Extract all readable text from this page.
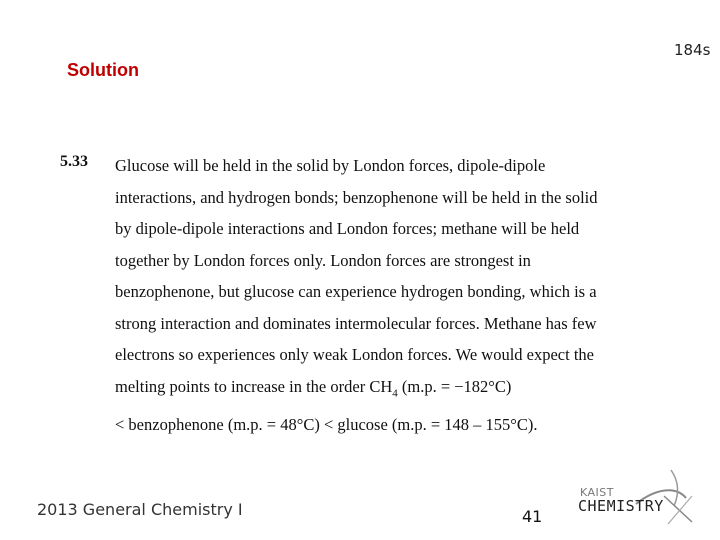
184s
Solution
5.33 Glucose will be held in the solid by London forces, dipole-dipole
interactions, and hydrogen bonds; benzophenone will be held in the solid
by dipole-dipole interactions and London forces; methane will be held
together by London forces only. London forces are strongest in
benzophenone, but glucose can experience hydrogen bonding, which is a
strong interaction and dominates intermolecular forces. Methane has few
electrons so experiences only weak London forces. We would expect the
melting points to increase in the order $CH_4$ (m.p. = −182°C)
< benzophenone (m.p. = 48°C) < glucose (m.p. = 148 – 155°C).
2013 General Chemistry I	41
KAIST
CHEMISTRY
